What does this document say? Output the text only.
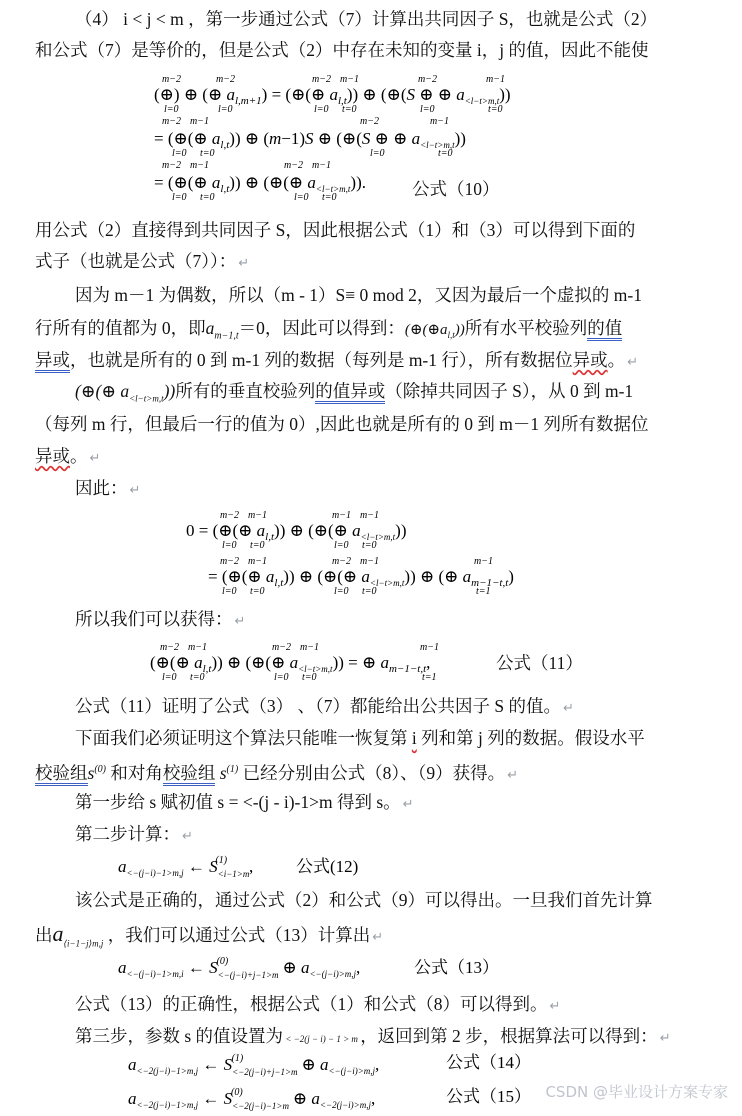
（4） i < j < m ，第一步通过公式（7）计算出共同因子 S，也就是公式（2）
和公式（7）是等价的，但是公式（2）中存在未知的变量 i，j 的值，因此不能使
m−2	m−2	m−2 m−1	m−2	m−1
m−2 m−1	m−2	m−1
m−2 m−1	m−2 m−1
(⊕) ⊕ (⊕ $a_{l,m+1}$) = (⊕(⊕ $a_{l,t}$)) ⊕ (⊕(S ⊕ ⊕ $a_{<l-t>m,t}$))
= (⊕(⊕ $a_{l,t}$)) ⊕ (m−1)S ⊕ (⊕(S ⊕ ⊕ $a_{<l-t>m,t}$))
= (⊕(⊕ $a_{l,t}$)) ⊕ (⊕(⊕ $a_{<l-t>m,t}$)).
l=0	l=0	l=0 t=0	l=0	t=0
l=0 t=0	l=0	t=0
l=0 t=0	l=0 t=0	公式（10）
用公式（2）直接得到共同因子 S，因此根据公式（1）和（3）可以得到下面的
式子（也就是公式（7））： ↵
因为 m－1 为偶数，所以（m - 1）S≡ 0 mod 2，又因为最后一个虚拟的 m-1
行所有的值都为 0，即$a_{m-1,t}=0$，因此可以得到：$(\oplus(\oplus a_{l,t}))$所有水平校验列的值
异或，也就是所有的 0 到 m-1 列的数据（每列是 m-1 行），所有数据位异或。 ↵
(⊕(⊕ $a_{<l-t>m,t}$))所有的垂直校验列的值异或（除掉共同因子 S），从 0 到 m-1
（每列 m 行，但最后一行的值为 0）,因此也就是所有的 0 到 m－1 列所有数据位
异或。 ↵
因此： ↵
m−2 m−1	m−1 m−1
m−2 m−1	m−2 m−1	m−1
0 = (⊕(⊕ $a_{l,t}$)) ⊕ (⊕(⊕ $a_{<l-t>m,t}$))
= (⊕(⊕ $a_{l,t}$)) ⊕ (⊕(⊕ $a_{<l-t>m,t}$)) ⊕ (⊕ $a_{m-1-t,t}$)
l=0 t=0	l=0 t=0
l=0 t=0	l=0 t=0	t=1
所以我们可以获得： ↵
m−2 m−1	m−2 m−1	m−1
(⊕(⊕ $a_{l,t}$)) ⊕ (⊕(⊕ $a_{<l-t>m,t}$)) = ⊕ $a_{m-1-t,t}$,
l=0 t=0	l=0 t=0	t=1
公式（11）
公式（11）证明了公式（3） 、（7）都能给出公共因子 S 的值。 ↵
下面我们必须证明这个算法只能唯一恢复第 i 列和第 j 列的数据。假设水平
校验组$s^{(0)}$ 和对角校验组 $s^{(1)}$ 已经分别由公式（8）、（9）获得。 ↵
第一步给 s 赋初值 s = <-(j - i)-1>m 得到 s。 ↵
第二步计算： ↵
$a_{<-(j-i)-1>m,j}$ ← $S_{<i-1>m}(1)$ ,	公式(12)
该公式是正确的，通过公式（2）和公式（9）可以得出。一旦我们首先计算
出$a_{⟨i-1-j⟩m,j}$ ，我们可以通过公式（13）计算出 ↵
$a_{<-(j-i)-1>m,i}$ ← $S_{<-(j-i)+j-1>m}(0)$	⊕ $a_{<-(j-i)>m,j}$,	公式（13）
公式（13）的正确性，根据公式（1）和公式（8）可以得到。 ↵
第三步，参数 s 的值设置为 < −2(j − i) − 1 > m ，返回到第 2 步，根据算法可以得到： ↵
$a_{<-2(j-i)-1>m,j}$ ← $S_{<-2(j-i)+j-1>m}(1)$	⊕ $a_{<-(j-i)>m,j}$,	公式（14）
$a_{<-2(j-i)-1>m,j}$ ← $S_{<-2(j-i)-1>m}(0)$	⊕ $a_{<-2(j-i)>m,j}$,	公式（15） CSDN @毕业设计方案专家
